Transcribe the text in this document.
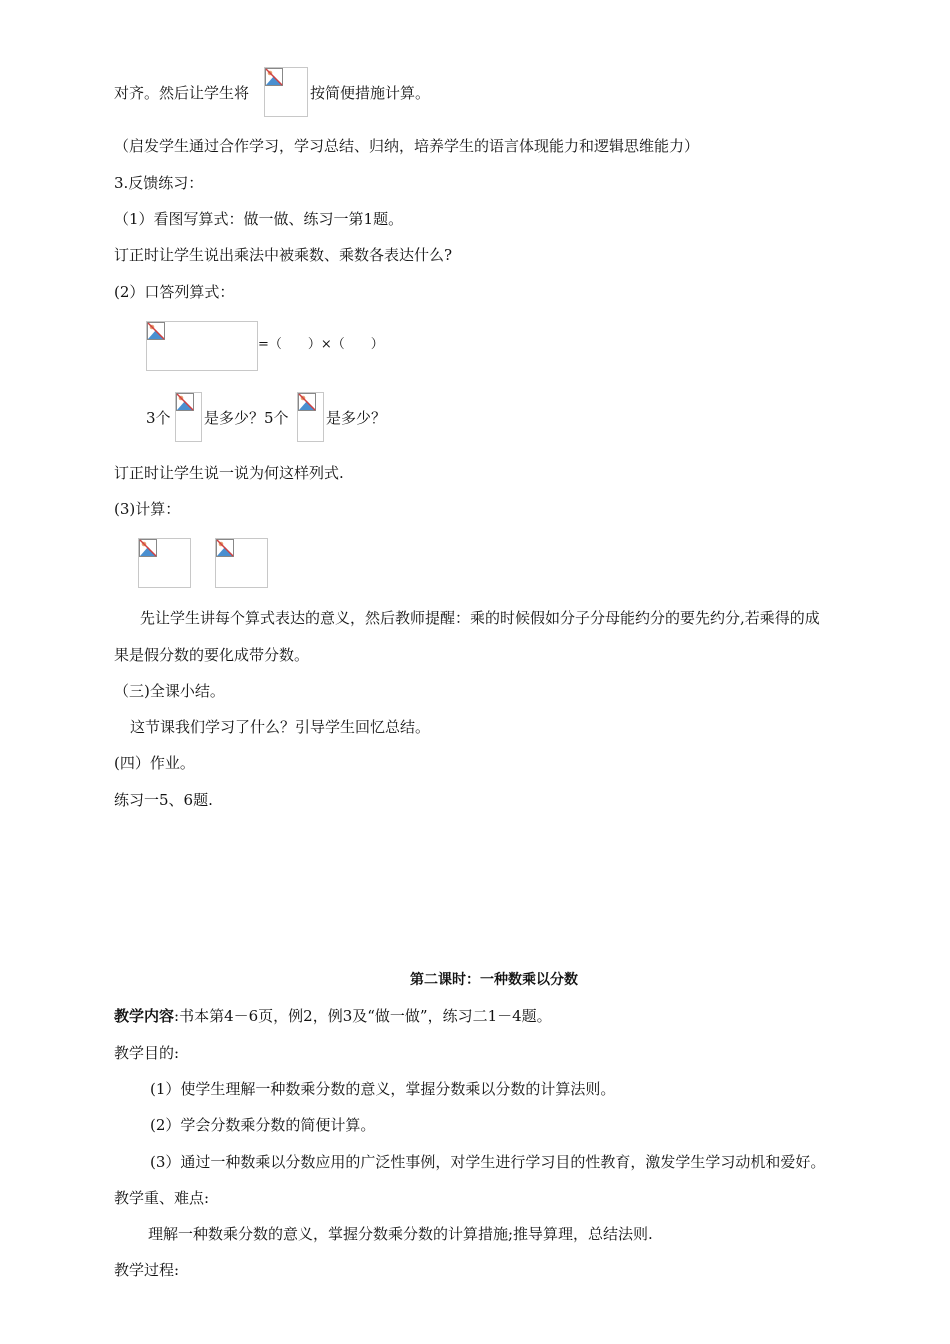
对齐。然后让学生将	按简便措施计算。
（启发学生通过合作学习，学习总结、归纳，培养学生的语言体现能力和逻辑思维能力）
3.反馈练习：
（1）看图写算式：做一做、练习一第1题。
订正时让学生说出乘法中被乘数、乘数各表达什么?
(2）口答列算式：
=（　　）×（　　）
3个 是多少？5个 是多少？
订正时让学生说一说为何这样列式.
(3)计算：
先让学生讲每个算式表达的意义，然后教师提醒：乘的时候假如分子分母能约分的要先约分,若乘得的成
果是假分数的要化成带分数。
（三)全课小结。
这节课我们学习了什么？引导学生回忆总结。
(四）作业。
练习一5、6题.
第二课时：一种数乘以分数
教学内容:书本第4－6页，例2，例3及“做一做”，练习二1－4题。
教学目的:
(1）使学生理解一种数乘分数的意义，掌握分数乘以分数的计算法则。
(2）学会分数乘分数的简便计算。
(3）通过一种数乘以分数应用的广泛性事例，对学生进行学习目的性教育，激发学生学习动机和爱好。
教学重、难点:
理解一种数乘分数的意义，掌握分数乘分数的计算措施;推导算理，总结法则.
教学过程:
